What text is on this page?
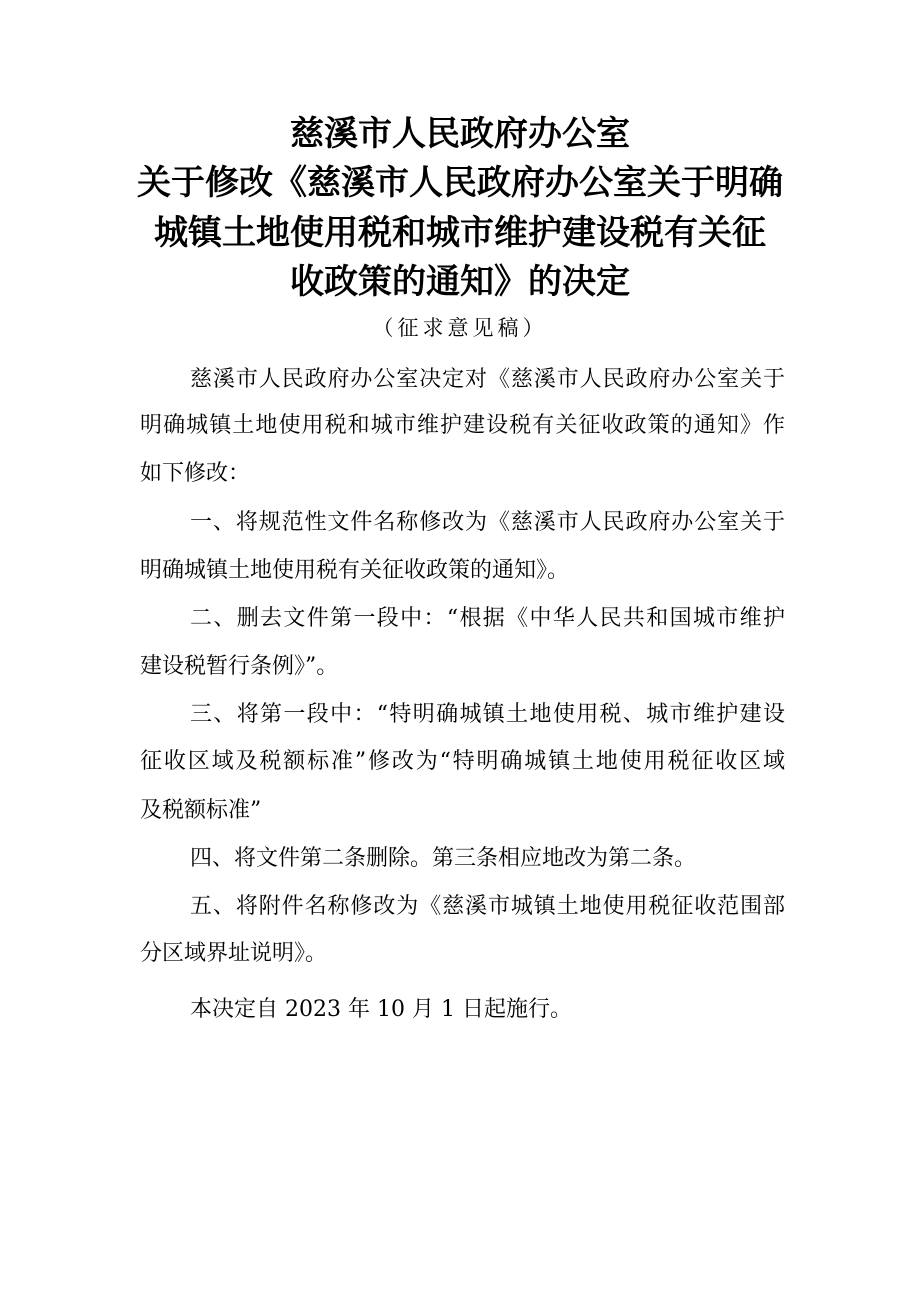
慈溪市人民政府办公室
关于修改《慈溪市人民政府办公室关于明确
城镇土地使用税和城市维护建设税有关征
收政策的通知》的决定
（征求意见稿）
慈溪市人民政府办公室决定对《慈溪市人民政府办公室关于
明确城镇土地使用税和城市维护建设税有关征收政策的通知》作
如下修改：
一、将规范性文件名称修改为《慈溪市人民政府办公室关于
明确城镇土地使用税有关征收政策的通知》。
二、删去文件第一段中：“根据《中华人民共和国城市维护
建设税暂行条例》”。
三、将第一段中：“特明确城镇土地使用税、城市维护建设
征收区域及税额标准”修改为“特明确城镇土地使用税征收区域
及税额标准”
四、将文件第二条删除。第三条相应地改为第二条。
五、将附件名称修改为《慈溪市城镇土地使用税征收范围部
分区域界址说明》。
本决定自 2023 年 10 月 1 日起施行。
